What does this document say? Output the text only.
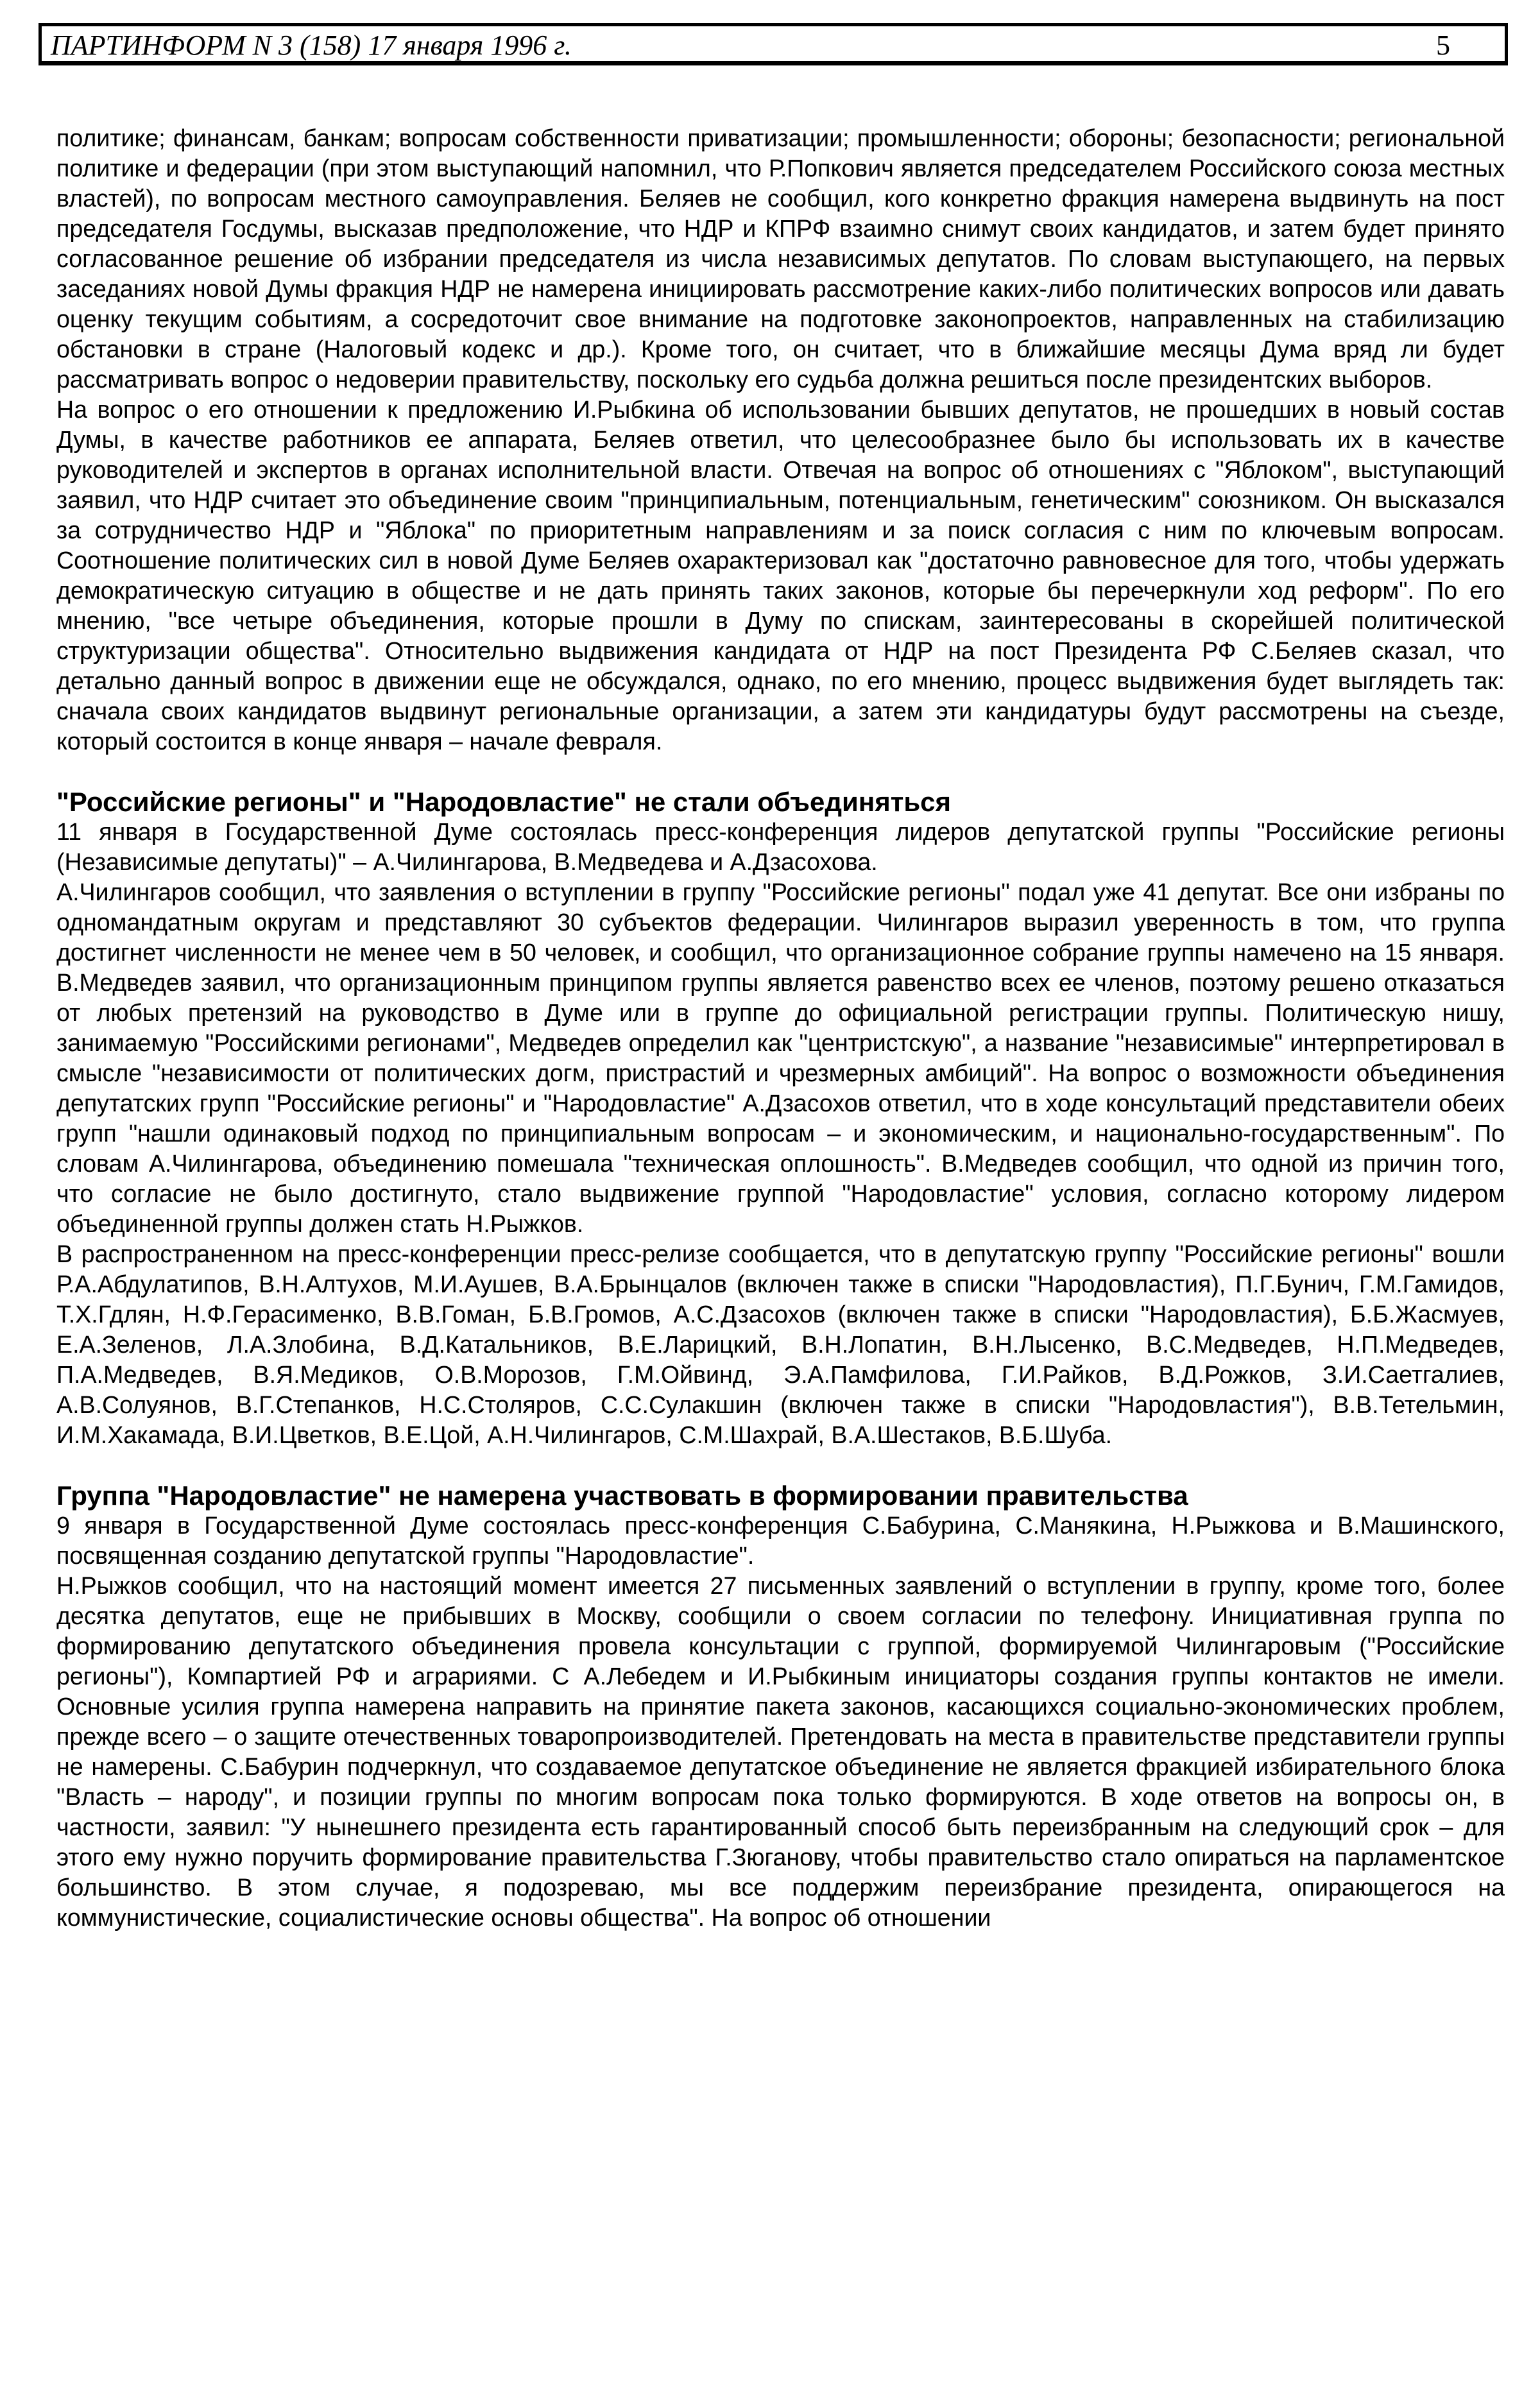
ПАРТИНФОРМ N 3 (158) 17 января 1996 г.	5

политике; финансам, банкам; вопросам собственности приватизации; промышленности; обороны; безопасности; региональной политике и федерации (при этом выступающий напомнил, что Р.Попкович является председателем Российского союза местных властей), по вопросам местного самоуправления. Беляев не сообщил, кого конкретно фракция намерена выдвинуть на пост председателя Госдумы, высказав предположение, что НДР и КПРФ взаимно снимут своих кандидатов, и затем будет принято согласованное решение об избрании председателя из числа независимых депутатов. По словам выступающего, на первых заседаниях новой Думы фракция НДР не намерена инициировать рассмотрение каких-либо политических вопросов или давать оценку текущим событиям, а сосредоточит свое внимание на подготовке законопроектов, направленных на стабилизацию обстановки в стране (Налоговый кодекс и др.). Кроме того, он считает, что в ближайшие месяцы Дума вряд ли будет рассматривать вопрос о недоверии правительству, поскольку его судьба должна решиться после президентских выборов.

На вопрос о его отношении к предложению И.Рыбкина об использовании бывших депутатов, не прошедших в новый состав Думы, в качестве работников ее аппарата, Беляев ответил, что целесообразнее было бы использовать их в качестве руководителей и экспертов в органах исполнительной власти. Отвечая на вопрос об отношениях с "Яблоком", выступающий заявил, что НДР считает это объединение своим "принципиальным, потенциальным, генетическим" союзником. Он высказался за сотрудничество НДР и "Яблока" по приоритетным направлениям и за поиск согласия с ним по ключевым вопросам. Соотношение политических сил в новой Думе Беляев охарактеризовал как "достаточно равновесное для того, чтобы удержать демократическую ситуацию в обществе и не дать принять таких законов, которые бы перечеркнули ход реформ". По его мнению, "все четыре объединения, которые прошли в Думу по спискам, заинтересованы в скорейшей политической структуризации общества". Относительно выдвижения кандидата от НДР на пост Президента РФ С.Беляев сказал, что детально данный вопрос в движении еще не обсуждался, однако, по его мнению, процесс выдвижения будет выглядеть так: сначала своих кандидатов выдвинут региональные организации, а затем эти кандидатуры будут рассмотрены на съезде, который состоится в конце января – начале февраля.

"Российские регионы" и "Народовластие" не стали объединяться

11 января в Государственной Думе состоялась пресс-конференция лидеров депутатской группы "Российские регионы (Независимые депутаты)" – А.Чилингарова, В.Медведева и А.Дзасохова.

А.Чилингаров сообщил, что заявления о вступлении в группу "Российские регионы" подал уже 41 депутат. Все они избраны по одномандатным округам и представляют 30 субъектов федерации. Чилингаров выразил уверенность в том, что группа достигнет численности не менее чем в 50 человек, и сообщил, что организационное собрание группы намечено на 15 января. В.Медведев заявил, что организационным принципом группы является равенство всех ее членов, поэтому решено отказаться от любых претензий на руководство в Думе или в группе до официальной регистрации группы. Политическую нишу, занимаемую "Российскими регионами", Медведев определил как "центристскую", а название "независимые" интерпретировал в смысле "независимости от политических догм, пристрастий и чрезмерных амбиций". На вопрос о возможности объединения депутатских групп "Российские регионы" и "Народовластие" А.Дзасохов ответил, что в ходе консультаций представители обеих групп "нашли одинаковый подход по принципиальным вопросам – и экономическим, и национально-государственным". По словам А.Чилингарова, объединению помешала "техническая оплошность". В.Медведев сообщил, что одной из причин того, что согласие не было достигнуто, стало выдвижение группой "Народовластие" условия, согласно которому лидером объединенной группы должен стать Н.Рыжков.

В распространенном на пресс-конференции пресс-релизе сообщается, что в депутатскую группу "Российские регионы" вошли Р.А.Абдулатипов, В.Н.Алтухов, М.И.Аушев, В.А.Брынцалов (включен также в списки "Народовластия), П.Г.Бунич, Г.М.Гамидов, Т.Х.Гдлян, Н.Ф.Герасименко, В.В.Гоман, Б.В.Громов, А.С.Дзасохов (включен также в списки "Народовластия), Б.Б.Жасмуев, Е.А.Зеленов, Л.А.Злобина, В.Д.Катальников, В.Е.Ларицкий, В.Н.Лопатин, В.Н.Лысенко, В.С.Медведев, Н.П.Медведев, П.А.Медведев, В.Я.Медиков, О.В.Морозов, Г.М.Ойвинд, Э.А.Памфилова, Г.И.Райков, В.Д.Рожков, З.И.Саетгалиев, А.В.Солуянов, В.Г.Степанков, Н.С.Столяров, С.С.Сулакшин (включен также в списки "Народовластия"), В.В.Тетельмин, И.М.Хакамада, В.И.Цветков, В.Е.Цой, А.Н.Чилингаров, С.М.Шахрай, В.А.Шестаков, В.Б.Шуба.

Группа "Народовластие" не намерена участвовать в формировании правительства

9 января в Государственной Думе состоялась пресс-конференция С.Бабурина, С.Манякина, Н.Рыжкова и В.Машинского, посвященная созданию депутатской группы "Народовластие".

Н.Рыжков сообщил, что на настоящий момент имеется 27 письменных заявлений о вступлении в группу, кроме того, более десятка депутатов, еще не прибывших в Москву, сообщили о своем согласии по телефону. Инициативная группа по формированию депутатского объединения провела консультации с группой, формируемой Чилингаровым ("Российские регионы"), Компартией РФ и аграриями. С А.Лебедем и И.Рыбкиным инициаторы создания группы контактов не имели. Основные усилия группа намерена направить на принятие пакета законов, касающихся социально-экономических проблем, прежде всего – о защите отечественных товаропроизводителей. Претендовать на места в правительстве представители группы не намерены. С.Бабурин подчеркнул, что создаваемое депутатское объединение не является фракцией избирательного блока "Власть – народу", и позиции группы по многим вопросам пока только формируются. В ходе ответов на вопросы он, в частности, заявил: "У нынешнего президента есть гарантированный способ быть переизбранным на следующий срок – для этого ему нужно поручить формирование правительства Г.Зюганову, чтобы правительство стало опираться на парламентское большинство. В этом случае, я подозреваю, мы все поддержим переизбрание президента, опирающегося на коммунистические, социалистические основы общества". На вопрос об отношении
